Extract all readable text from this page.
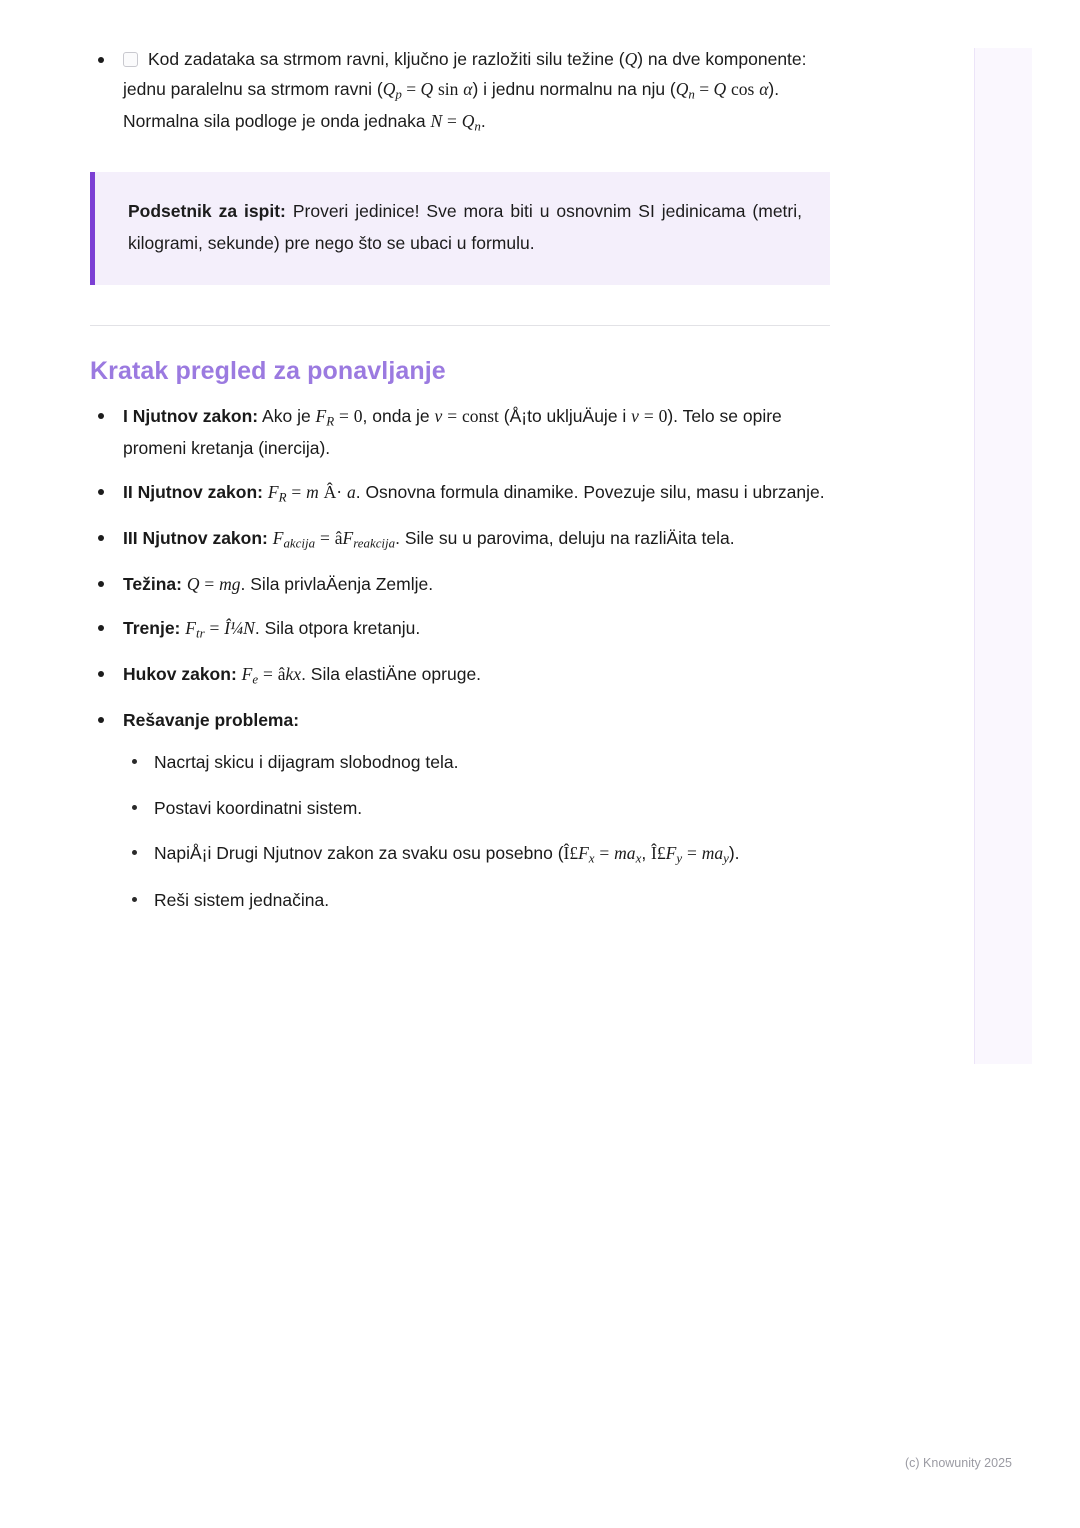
Kod zadataka sa strmom ravni, ključno je razložiti silu težine (Q) na dve komponente: jednu paralelnu sa strmom ravni ($Q_p = Q$ sin α) i jednu normalnu na nju ($Q_n = Q$ cos α). Normalna sila podloge je onda jednaka $N = Q_n$.

Podsetnik za ispit: Proveri jedinice! Sve mora biti u osnovnim SI jedinicama (metri, kilogrami, sekunde) pre nego što se ubaci u formulu.

Kratak pregled za ponavljanje
I Njutnov zakon: Ako je $F_R = 0$, onda je v = const (Å¡to ukljuÄuje i v = 0). Telo se opire promeni kretanja (inercija).
II Njutnov zakon: $F_R = m$ Â· a. Osnovna formula dinamike. Povezuje silu, masu i ubrzanje.
III Njutnov zakon: $F_{akcija}$ = $âF_{reakcija}$. Sile su u parovima, deluju na razliÄita tela.
Težina: Q = mg. Sila privlaÄenja Zemlje.
Trenje: $F_{tr}$ = Î¼N. Sila otpora kretanju.
Hukov zakon: $F_e$ = âkx. Sila elastiÄne opruge.
Rešavanje problema:
Nacrtaj skicu i dijagram slobodnog tela.
Postavi koordinatni sistem.
NapiÅ¡i Drugi Njutnov zakon za svaku osu posebno ($Î£F_x = ma_x$, $Î£F_y = ma_y$).
Reši sistem jednačina.
(c) Knowunity 2025
